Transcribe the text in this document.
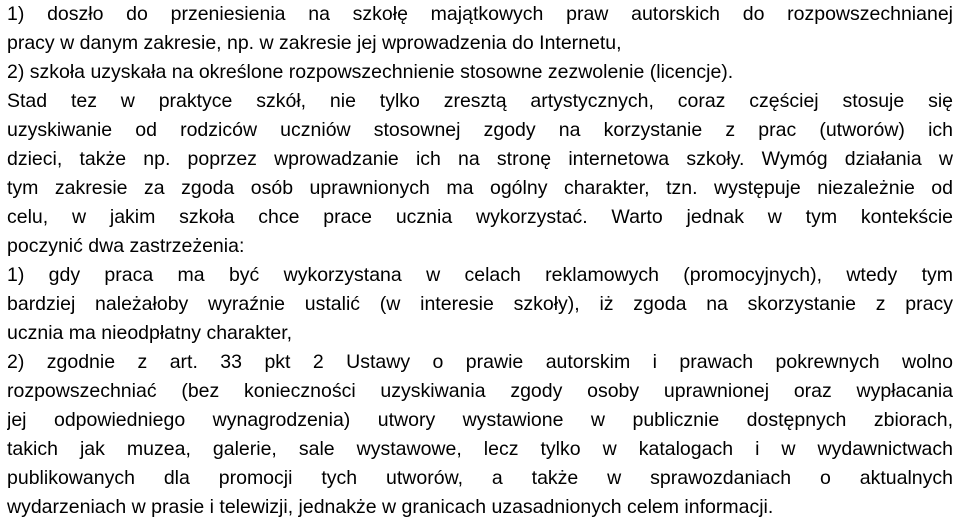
1) doszło do przeniesienia na szkołę majątkowych praw autorskich do rozpowszechnianej

pracy w danym zakresie, np. w zakresie jej wprowadzenia do Internetu,

2) szkoła uzyskała na określone rozpowszechnienie stosowne zezwolenie (licencje).

Stad tez w praktyce szkół, nie tylko zresztą artystycznych, coraz częściej stosuje się

uzyskiwanie od rodziców uczniów stosownej zgody na korzystanie z prac (utworów) ich

dzieci, także np. poprzez wprowadzanie ich na stronę internetowa szkoły. Wymóg działania w

tym zakresie za zgoda osób uprawnionych ma ogólny charakter, tzn. występuje niezależnie od

celu, w jakim szkoła chce prace ucznia wykorzystać. Warto jednak w tym kontekście

poczynić dwa zastrzeżenia:

1) gdy praca ma być wykorzystana w celach reklamowych (promocyjnych), wtedy tym

bardziej należałoby wyraźnie ustalić (w interesie szkoły), iż zgoda na skorzystanie z pracy

ucznia ma nieodpłatny charakter,

2) zgodnie z art. 33 pkt 2 Ustawy o prawie autorskim i prawach pokrewnych wolno

rozpowszechniać (bez konieczności uzyskiwania zgody osoby uprawnionej oraz wypłacania

jej odpowiedniego wynagrodzenia) utwory wystawione w publicznie dostępnych zbiorach,

takich jak muzea, galerie, sale wystawowe, lecz tylko w katalogach i w wydawnictwach

publikowanych dla promocji tych utworów, a także w sprawozdaniach o aktualnych

wydarzeniach w prasie i telewizji, jednakże w granicach uzasadnionych celem informacji.
